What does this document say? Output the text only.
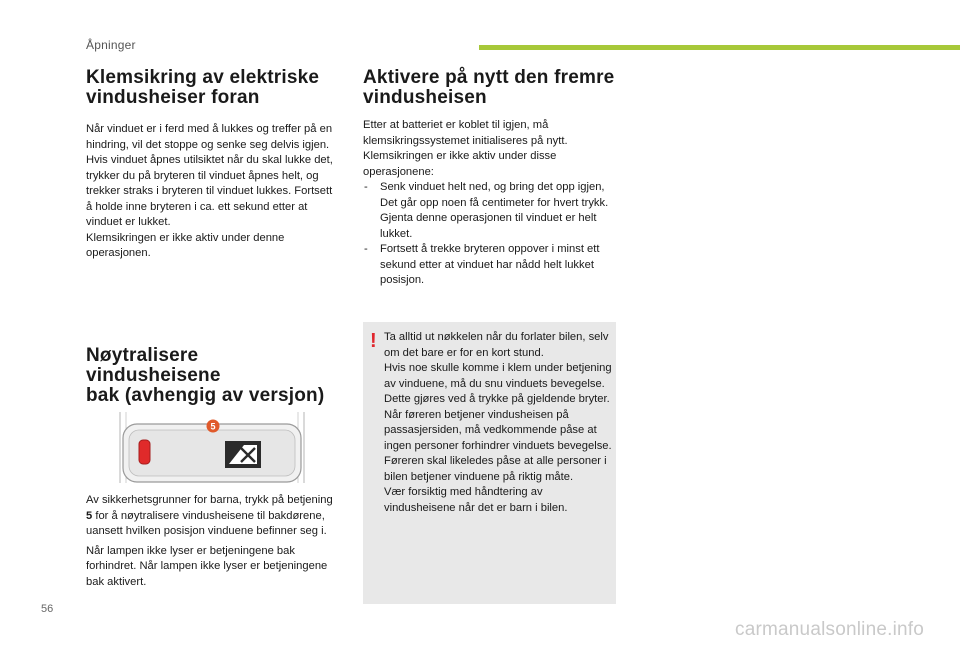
Åpninger
Klemsikring av elektriske
vindusheiser foran

Når vinduet er i ferd med å lukkes og treffer på en hindring, vil det stoppe og senke seg delvis igjen.
Hvis vinduet åpnes utilsiktet når du skal lukke det, trykker du på bryteren til vinduet åpnes helt, og trekker straks i bryteren til vinduet lukkes. Fortsett å holde inne bryteren i ca. ett sekund etter at vinduet er lukket.
Klemsikringen er ikke aktiv under denne operasjonen.

Nøytralisere vindusheisene
bak (avhengig av versjon)
5

Av sikkerhetsgrunner for barna, trykk på betjening 5 for å nøytralisere vindusheisene til bakdørene, uansett hvilken posisjon vinduene befinner seg i.

Når lampen ikke lyser er betjeningene bak forhindret. Når lampen ikke lyser er betjeningene bak aktivert.

Aktivere på nytt den fremre
vindusheisen

Etter at batteriet er koblet til igjen, må klemsikringssystemet initialiseres på nytt.
Klemsikringen er ikke aktiv under disse operasjonene:

- Senk vinduet helt ned, og bring det opp igjen, Det går opp noen få centimeter for hvert trykk. Gjenta denne operasjonen til vinduet er helt lukket.
- Fortsett å trekke bryteren oppover i minst ett sekund etter at vinduet har nådd helt lukket posisjon.
! Ta alltid ut nøkkelen når du forlater bilen, selv om det bare er for en kort stund.
Hvis noe skulle komme i klem under betjening av vinduene, må du snu vinduets bevegelse. Dette gjøres ved å trykke på gjeldende bryter.
Når føreren betjener vindusheisen på passasjersiden, må vedkommende påse at ingen personer forhindrer vinduets bevegelse.
Føreren skal likeledes påse at alle personer i bilen betjener vinduene på riktig måte.
Vær forsiktig med håndtering av vindusheisene når det er barn i bilen.
56
carmanualsonline.info
